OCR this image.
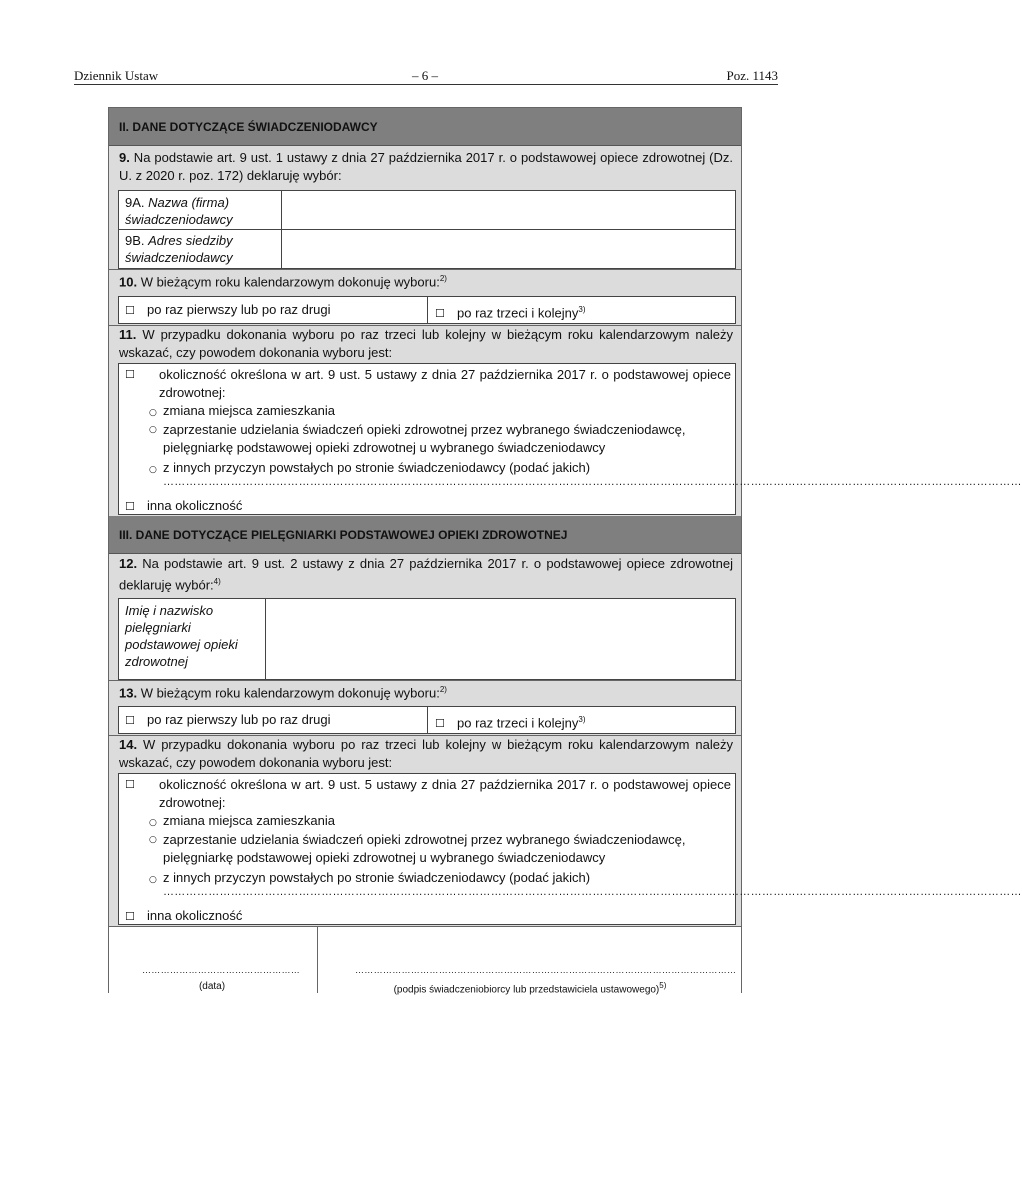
Dziennik Ustaw	– 6 –	Poz. 1143
II. DANE DOTYCZĄCE ŚWIADCZENIODAWCY
9. Na podstawie art. 9 ust. 1 ustawy z dnia 27 października 2017 r. o podstawowej opiece zdrowotnej (Dz. U. z 2020 r. poz. 172) deklaruję wybór:
9A. Nazwa (firma) świadczeniodawcy
9B. Adres siedziby świadczeniodawcy
10. W bieżącym roku kalendarzowym dokonuję wyboru:$^{2)}$
☐ po raz pierwszy lub po raz drugi	☐ po raz trzeci i kolejny$^{3)}$
11. W przypadku dokonania wyboru po raz trzeci lub kolejny w bieżącym roku kalendarzowym należy wskazać, czy powodem dokonania wyboru jest:
☐	okoliczność określona w art. 9 ust. 5 ustawy z dnia 27 października 2017 r. o podstawowej opiece zdrowotnej:
○ zmiana miejsca zamieszkania
○ zaprzestanie udzielania świadczeń opieki zdrowotnej przez wybranego świadczeniodawcę, pielęgniarkę podstawowej opieki zdrowotnej u wybranego świadczeniodawcy
○ z innych przyczyn powstałych po stronie świadczeniodawcy (podać jakich)
…………………………………………………………………………………………………………………………………………………………………………………………………………
☐ inna okoliczność
III. DANE DOTYCZĄCE PIELĘGNIARKI PODSTAWOWEJ OPIEKI ZDROWOTNEJ
12. Na podstawie art. 9 ust. 2 ustawy z dnia 27 października 2017 r. o podstawowej opiece zdrowotnej deklaruję wybór:$^{4)}$
Imię i nazwisko pielęgniarki podstawowej opieki zdrowotnej
13. W bieżącym roku kalendarzowym dokonuję wyboru:$^{2)}$
☐ po raz pierwszy lub po raz drugi	☐ po raz trzeci i kolejny$^{3)}$
14. W przypadku dokonania wyboru po raz trzeci lub kolejny w bieżącym roku kalendarzowym należy wskazać, czy powodem dokonania wyboru jest:
☐	okoliczność określona w art. 9 ust. 5 ustawy z dnia 27 października 2017 r. o podstawowej opiece zdrowotnej:
○ zmiana miejsca zamieszkania
○ zaprzestanie udzielania świadczeń opieki zdrowotnej przez wybranego świadczeniodawcę, pielęgniarkę podstawowej opieki zdrowotnej u wybranego świadczeniodawcy
○ z innych przyczyn powstałych po stronie świadczeniodawcy (podać jakich)
…………………………………………………………………………………………………………………………………………………………………………………………………………
☐ inna okoliczność
……………………………………………
(data)
……………………………………………………………………………………………………………
(podpis świadczeniobiorcy lub przedstawiciela ustawowego)$^{5)}$
